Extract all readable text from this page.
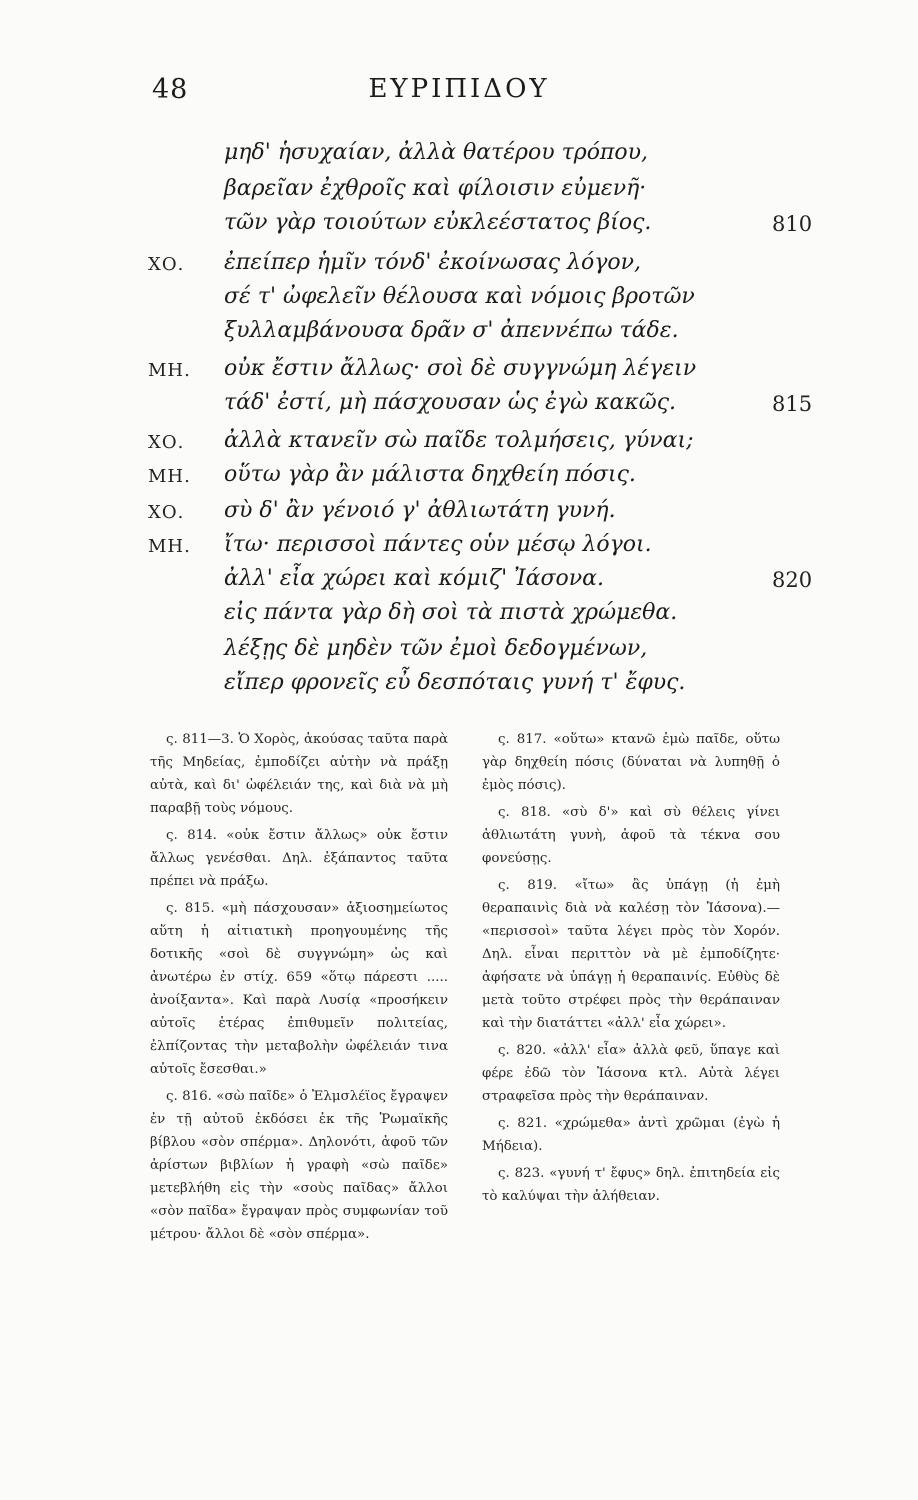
48	ΕΥΡΙΠΙΔΟΥ
μηδ' ἡσυχαίαν, ἀλλὰ θατέρου τρόπου,
βαρεῖαν ἐχθροῖς καὶ φίλοισιν εὐμενῆ·
τῶν γὰρ τοιούτων εὐκλεέστατος βίος.	810
ΧΟ. ἐπείπερ ἡμῖν τόνδ' ἐκοίνωσας λόγον,
σέ τ' ὠφελεῖν θέλουσα καὶ νόμοις βροτῶν
ξυλλαμβάνουσα δρᾶν σ' ἀπεννέπω τάδε.
ΜΗ. οὐκ ἔστιν ἄλλως· σοὶ δὲ συγγνώμη λέγειν
τάδ' ἐστί, μὴ πάσχουσαν ὡς ἐγὼ κακῶς.	815
ΧΟ. ἀλλὰ κτανεῖν σὼ παῖδε τολμήσεις, γύναι;
ΜΗ. οὕτω γὰρ ἂν μάλιστα δηχθείη πόσις.
ΧΟ. σὺ δ' ἂν γένοιό γ' ἀθλιωτάτη γυνή.
ΜΗ. ἴτω· περισσοὶ πάντες οὑν μέσῳ λόγοι.
ἀλλ' εἶα χώρει καὶ κόμιζ' Ἰάσονα.	820
εἰς πάντα γὰρ δὴ σοὶ τὰ πιστὰ χρώμεθα.
λέξῃς δὲ μηδὲν τῶν ἐμοὶ δεδογμένων,
εἴπερ φρονεῖς εὖ δεσπόταις γυνή τ' ἔφυς.

ς. 811—3. Ὁ Χορὸς, ἀκούσας ταῦτα παρὰ τῆς Μηδείας, ἐμποδίζει αὐτὴν νὰ πράξῃ αὐτὰ, καὶ δι' ὠφέλειάν της, καὶ διὰ νὰ μὴ παραβῇ τοὺς νόμους.

ς. 814. «οὐκ ἔστιν ἄλλως» οὐκ ἔστιν ἄλλως γενέσθαι. Δηλ. ἐξάπαντος ταῦτα πρέπει νὰ πράξω.

ς. 815. «μὴ πάσχουσαν» ἀξιοσημείωτος αὕτη ἡ αἰτιατικὴ προηγουμένης τῆς δοτικῆς «σοὶ δὲ συγγνώμη» ὡς καὶ ἀνωτέρω ἐν στίχ. 659 «ὅτῳ πάρεστι ..... ἀνοίξαντα». Καὶ παρὰ Λυσίᾳ «προσήκειν αὐτοῖς ἑτέρας ἐπιθυμεῖν πολιτείας, ἐλπίζοντας τὴν μεταβολὴν ὠφέλειάν τινα αὐτοῖς ἔσεσθαι.»

ς. 816. «σὼ παῖδε» ὁ Ἐλμσλέϊος ἔγραψεν ἐν τῇ αὐτοῦ ἐκδόσει ἐκ τῆς Ῥωμαϊκῆς βίβλου «σὸν σπέρμα». Δηλονότι, ἀφοῦ τῶν ἀρίστων βιβλίων ἡ γραφὴ «σὼ παῖδε» μετεβλήθη εἰς τὴν «σοὺς παῖδας» ἄλλοι «σὸν παῖδα» ἔγραψαν πρὸς συμφωνίαν τοῦ μέτρου· ἄλλοι δὲ «σὸν σπέρμα».

ς. 817. «οὕτω» κτανῶ ἐμὼ παῖδε, οὕτω γὰρ δηχθείη πόσις (δύναται νὰ λυπηθῇ ὁ ἐμὸς πόσις).

ς. 818. «σὺ δ'» καὶ σὺ θέλεις γίνει ἀθλιωτάτη γυνὴ, ἀφοῦ τὰ τέκνα σου φονεύσῃς.

ς. 819. «ἴτω» ἂς ὑπάγῃ (ἡ ἐμὴ θεραπαινὶς διὰ νὰ καλέσῃ τὸν Ἰάσονα).— «περισσοὶ» ταῦτα λέγει πρὸς τὸν Χορόν. Δηλ. εἶναι περιττὸν νὰ μὲ ἐμποδίζητε· ἀφήσατε νὰ ὑπάγῃ ἡ θεραπαινίς. Εὐθὺς δὲ μετὰ τοῦτο στρέφει πρὸς τὴν θεράπαιναν καὶ τὴν διατάττει «ἀλλ' εἶα χώρει».

ς. 820. «ἀλλ' εἶα» ἀλλὰ φεῦ, ὕπαγε καὶ φέρε ἐδῶ τὸν Ἰάσονα κτλ. Αὐτὰ λέγει στραφεῖσα πρὸς τὴν θεράπαιναν.

ς. 821. «χρώμεθα» ἀντὶ χρῶμαι (ἐγὼ ἡ Μήδεια).

ς. 823. «γυνή τ' ἔφυς» δηλ. ἐπιτηδεία εἰς τὸ καλύψαι τὴν ἀλήθειαν.
